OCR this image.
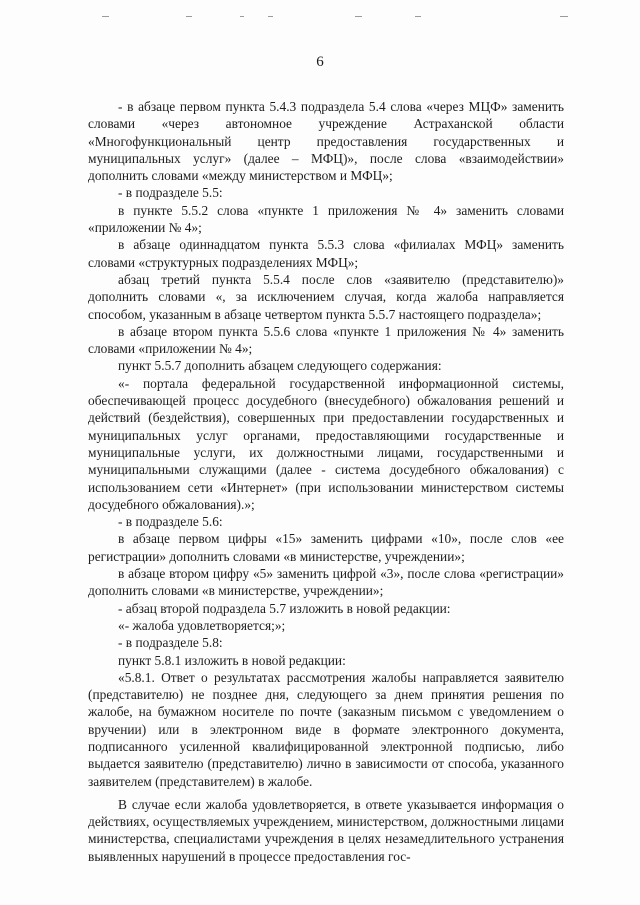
6

- в абзаце первом пункта 5.4.3 подраздела 5.4 слова «через МЦФ» заменить словами «через автономное учреждение Астраханской области «Многофункциональный центр предоставления государственных и муниципальных услуг» (далее – МФЦ)», после слова «взаимодействии» дополнить словами «между министерством и МФЦ»;

- в подразделе 5.5:

в пункте 5.5.2 слова «пункте 1 приложения № 4» заменить словами «приложении № 4»;

в абзаце одиннадцатом пункта 5.5.3 слова «филиалах МФЦ» заменить словами «структурных подразделениях МФЦ»;

абзац третий пункта 5.5.4 после слов «заявителю (представителю)» дополнить словами «, за исключением случая, когда жалоба направляется способом, указанным в абзаце четвертом пункта 5.5.7 настоящего подраздела»;

в абзаце втором пункта 5.5.6 слова «пункте 1 приложения № 4» заменить словами «приложении № 4»;

пункт 5.5.7 дополнить абзацем следующего содержания:

«- портала федеральной государственной информационной системы, обеспечивающей процесс досудебного (внесудебного) обжалования решений и действий (бездействия), совершенных при предоставлении государственных и муниципальных услуг органами, предоставляющими государственные и муниципальные услуги, их должностными лицами, государственными и муниципальными служащими (далее - система досудебного обжалования) с использованием сети «Интернет» (при использовании министерством системы досудебного обжалования).»;

- в подразделе 5.6:

в абзаце первом цифры «15» заменить цифрами «10», после слов «ее регистрации» дополнить словами «в министерстве, учреждении»;

в абзаце втором цифру «5» заменить цифрой «3», после слова «регистрации» дополнить словами «в министерстве, учреждении»;

- абзац второй подраздела 5.7 изложить в новой редакции:

«- жалоба удовлетворяется;»;

- в подразделе 5.8:

пункт 5.8.1 изложить в новой редакции:

«5.8.1. Ответ о результатах рассмотрения жалобы направляется заявителю (представителю) не позднее дня, следующего за днем принятия решения по жалобе, на бумажном носителе по почте (заказным письмом с уведомлением о вручении) или в электронном виде в формате электронного документа, подписанного усиленной квалифицированной электронной подписью, либо выдается заявителю (представителю) лично в зависимости от способа, указанного заявителем (представителем) в жалобе.

В случае если жалоба удовлетворяется, в ответе указывается информация о действиях, осуществляемых учреждением, министерством, должностными лицами министерства, специалистами учреждения в целях незамедлительного устранения выявленных нарушений в процессе предоставления гос-
